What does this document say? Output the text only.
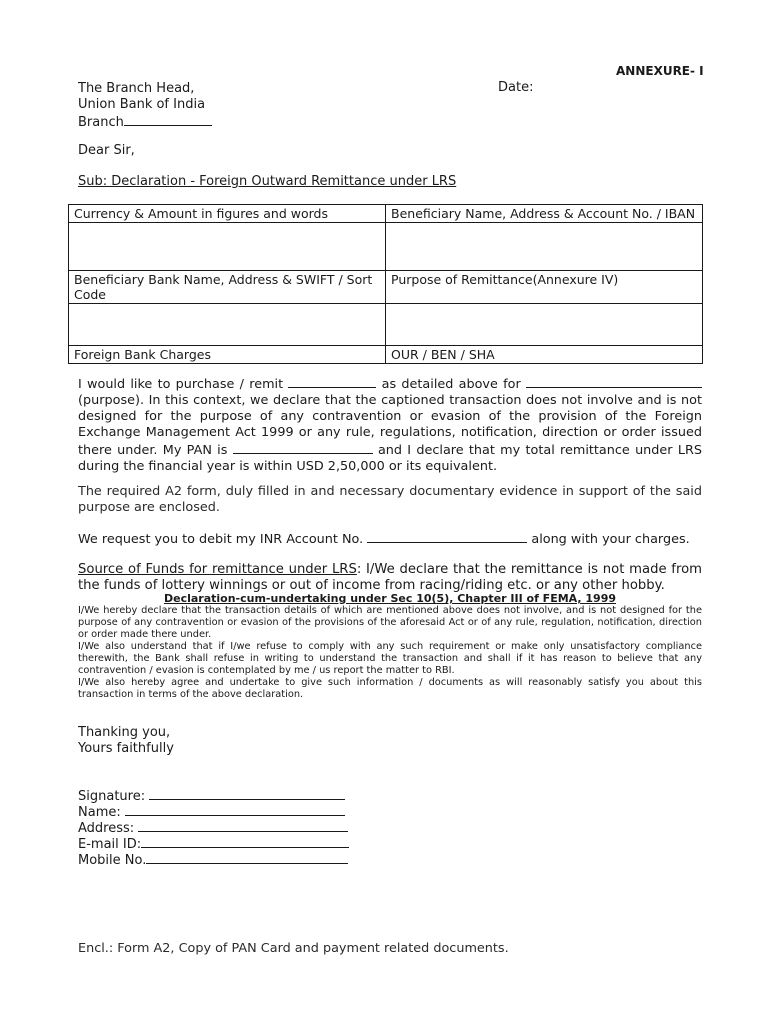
ANNEXURE- I
Date:
The Branch Head,
Union Bank of India
Branch
Dear Sir,
Sub: Declaration - Foreign Outward Remittance under LRS
Currency & Amount in figures and words	Beneficiary Name, Address & Account No. / IBAN

Beneficiary Bank Name, Address & SWIFT / Sort Code	Purpose of Remittance(Annexure IV)

Foreign Bank Charges	OUR / BEN / SHA
I would like to purchase / remit	as detailed above for  (purpose). In this context, we declare that the captioned transaction does not involve and is not designed for the purpose of any contravention or evasion of the provision of the Foreign Exchange Management Act 1999 or any rule, regulations, notification, direction or order issued there under. My PAN is	and I declare that my total remittance under LRS during the financial year is within USD 2,50,000 or its equivalent.
The required A2 form, duly filled in and necessary documentary evidence in support of the said purpose are enclosed.
We request you to debit my INR Account No.	along with your charges.
Source of Funds for remittance under LRS: I/We declare that the remittance is not made from the funds of lottery winnings or out of income from racing/riding etc. or any other hobby.
Declaration-cum-undertaking under Sec 10(5), Chapter III of FEMA, 1999

I/We hereby declare that the transaction details of which are mentioned above does not involve, and is not designed for the purpose of any contravention or evasion of the provisions of the aforesaid Act or of any rule, regulation, notification, direction or order made there under.

I/We also understand that if I/we refuse to comply with any such requirement or make only unsatisfactory compliance therewith, the Bank shall refuse in writing to understand the transaction and shall if it has reason to believe that any contravention / evasion is contemplated by me / us report the matter to RBI.

I/We also hereby agree and undertake to give such information / documents as will reasonably satisfy you about this transaction in terms of the above declaration.

Thanking you,
Yours faithfully
Signature:
Name:
Address:
E-mail ID:
Mobile No.
Encl.: Form A2, Copy of PAN Card and payment related documents.
